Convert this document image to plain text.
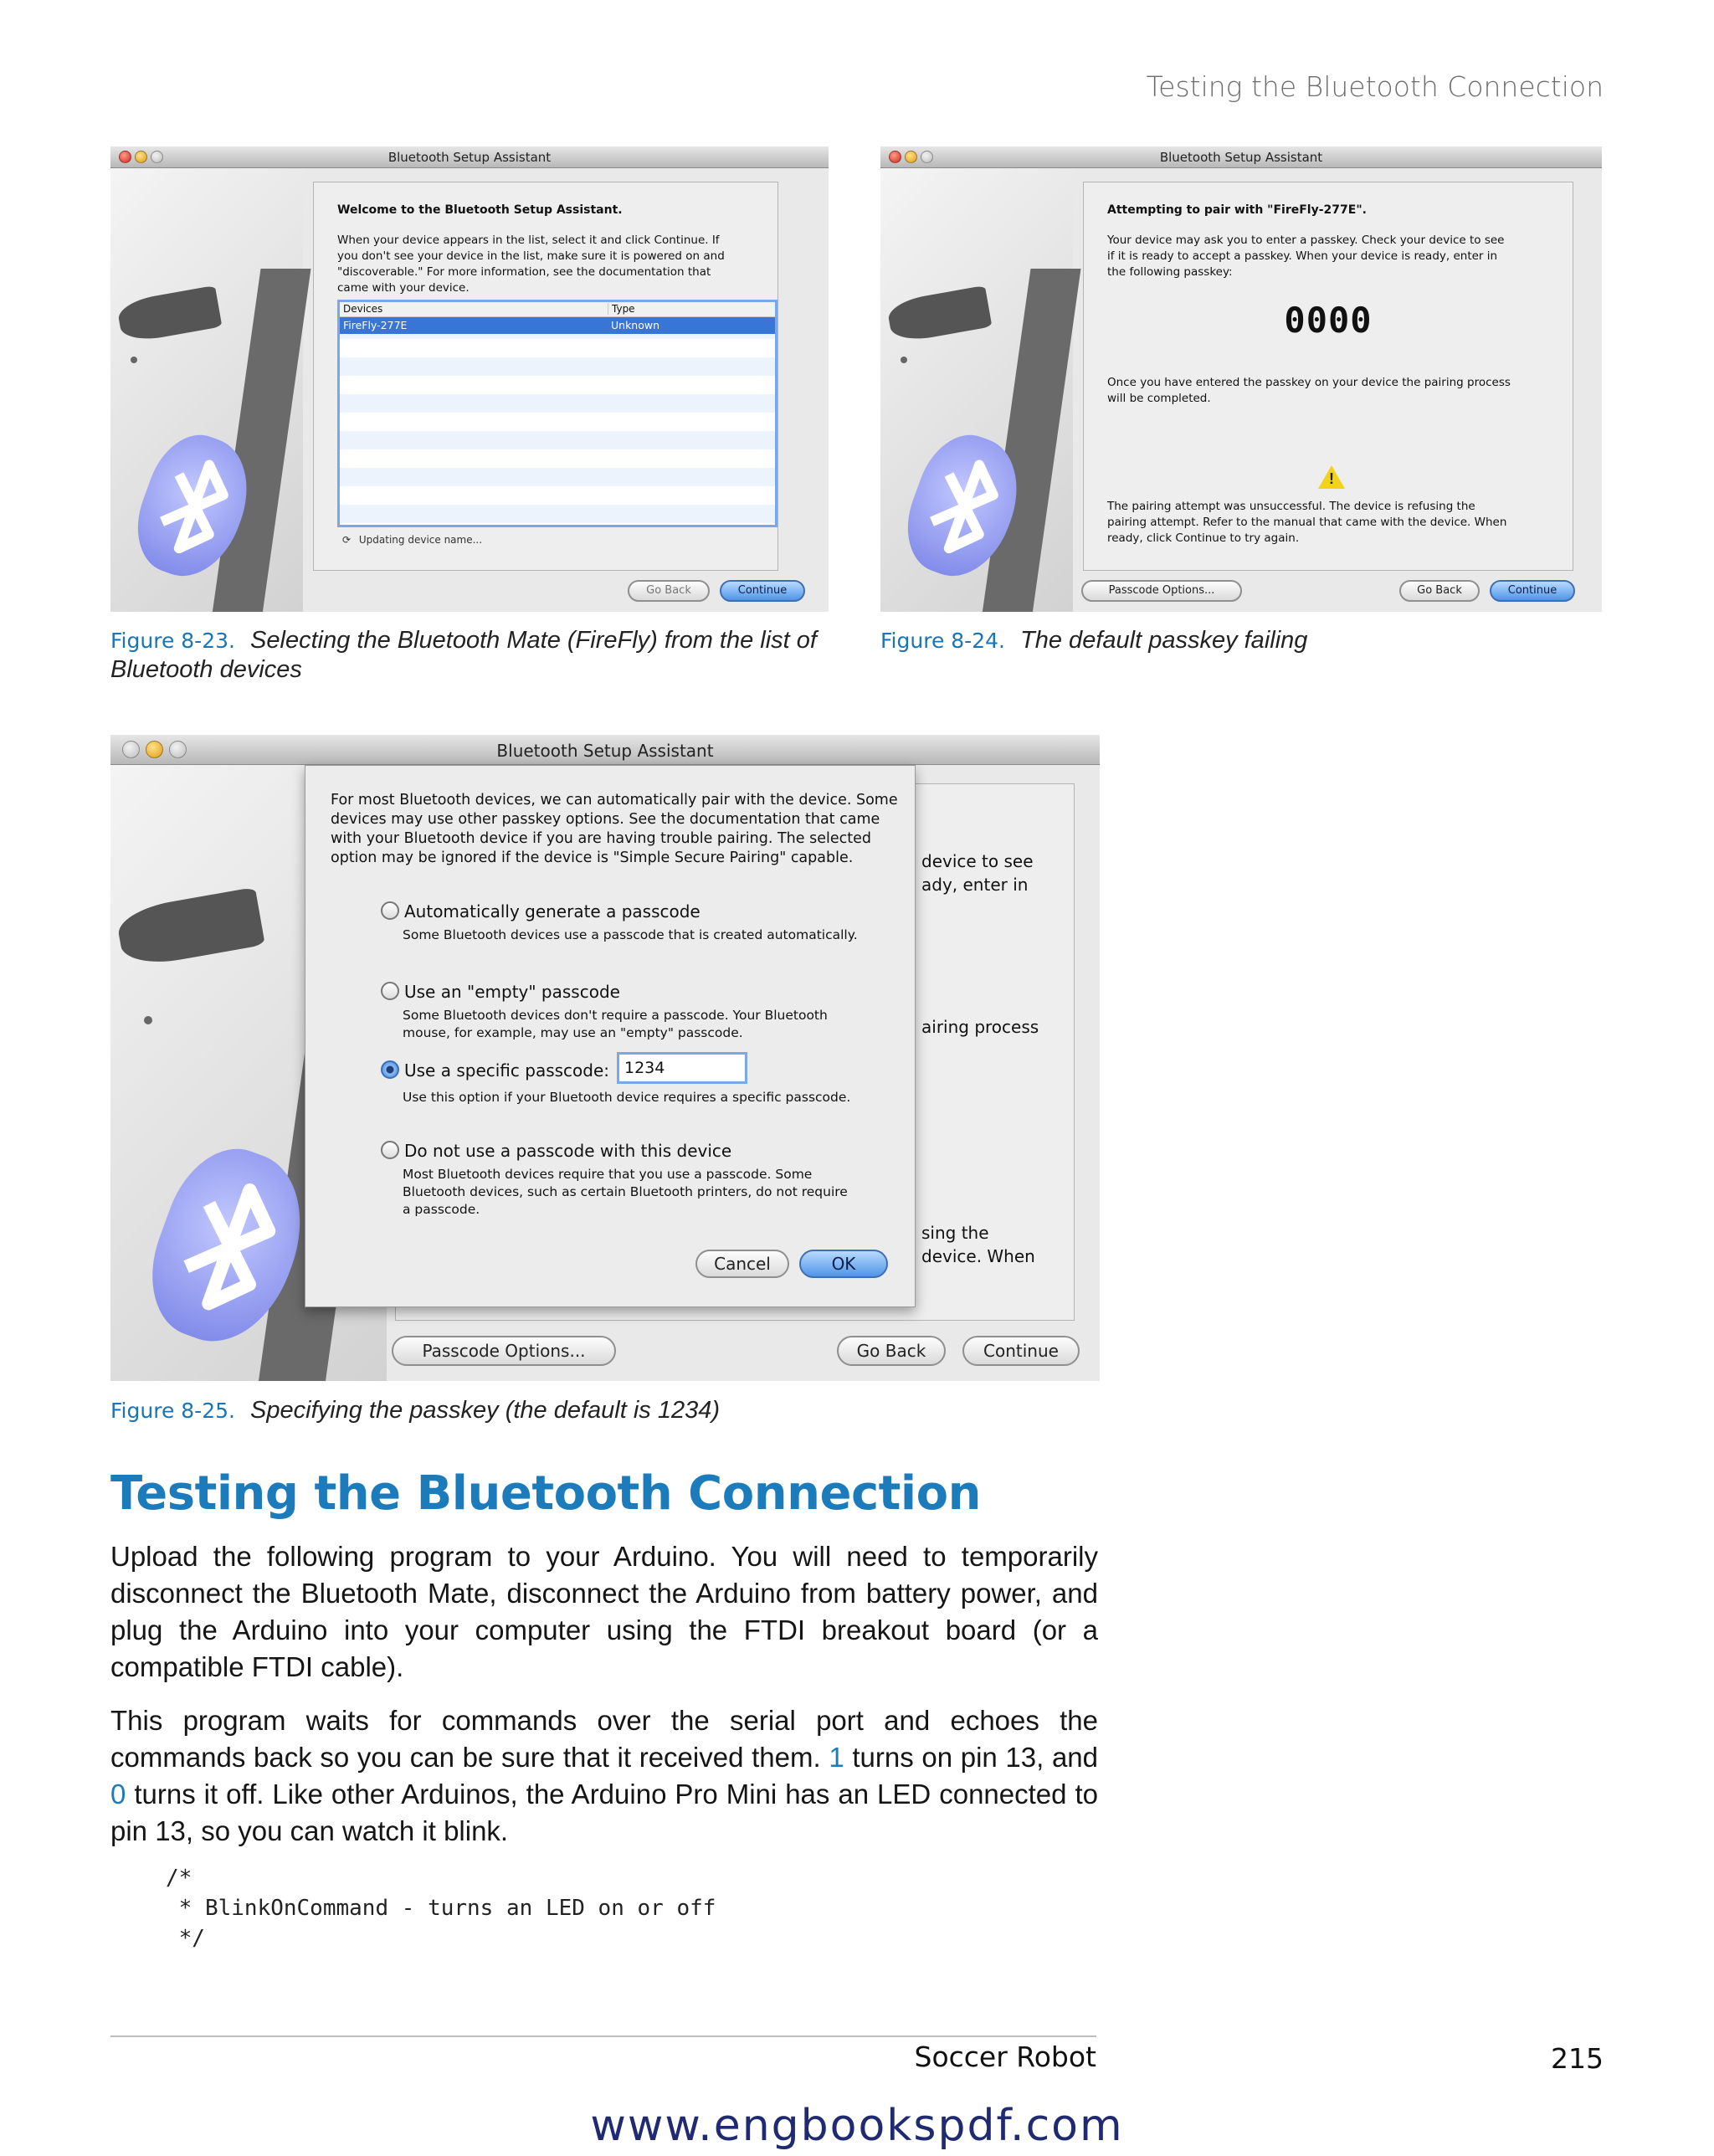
Testing the Bluetooth Connection
Bluetooth Setup Assistant
Welcome to the Bluetooth Setup Assistant.
When your device appears in the list, select it and click Continue. If
you don't see your device in the list, make sure it is powered on and
"discoverable." For more information, see the documentation that
came with your device.
Devices	Type
FireFly-277E	Unknown
⟳ Updating device name...
Go Back	Continue
Figure 8-23. Selecting the Bluetooth Mate (FireFly) from the list of
Bluetooth devices
Bluetooth Setup Assistant
Attempting to pair with "FireFly-277E".
Your device may ask you to enter a passkey. Check your device to see
if it is ready to accept a passkey. When your device is ready, enter in
the following passkey:
0000
Once you have entered the passkey on your device the pairing process
will be completed.
!
The pairing attempt was unsuccessful. The device is refusing the
pairing attempt. Refer to the manual that came with the device. When
ready, click Continue to try again.
Passcode Options...	Go Back	Continue
Figure 8-24. The default passkey failing
Bluetooth Setup Assistant
device to see
ady, enter in
airing process
sing the
device. When
For most Bluetooth devices, we can automatically pair with the device. Some
devices may use other passkey options. See the documentation that came
with your Bluetooth device if you are having trouble pairing. The selected
option may be ignored if the device is "Simple Secure Pairing" capable.
Automatically generate a passcode
Some Bluetooth devices use a passcode that is created automatically.
Use an "empty" passcode
Some Bluetooth devices don't require a passcode. Your Bluetooth
mouse, for example, may use an "empty" passcode.
Use a specific passcode: 1234
Use this option if your Bluetooth device requires a specific passcode.
Do not use a passcode with this device
Most Bluetooth devices require that you use a passcode. Some
Bluetooth devices, such as certain Bluetooth printers, do not require
a passcode.
Cancel	OK
Passcode Options...	Go Back	Continue
Figure 8-25. Specifying the passkey (the default is 1234)
Testing the Bluetooth Connection

Upload the following program to your Arduino. You will need to temporarily disconnect the Bluetooth Mate, disconnect the Arduino from battery power, and plug the Arduino into your computer using the FTDI breakout board (or a compatible FTDI cable).

This program waits for commands over the serial port and echoes the commands back so you can be sure that it received them. 1 turns on pin 13, and 0 turns it off. Like other Arduinos, the Arduino Pro Mini has an LED connected to pin 13, so you can watch it blink.

/*
* BlinkOnCommand - turns an LED on or off
*/
Soccer Robot	215
www.engbookspdf.com
